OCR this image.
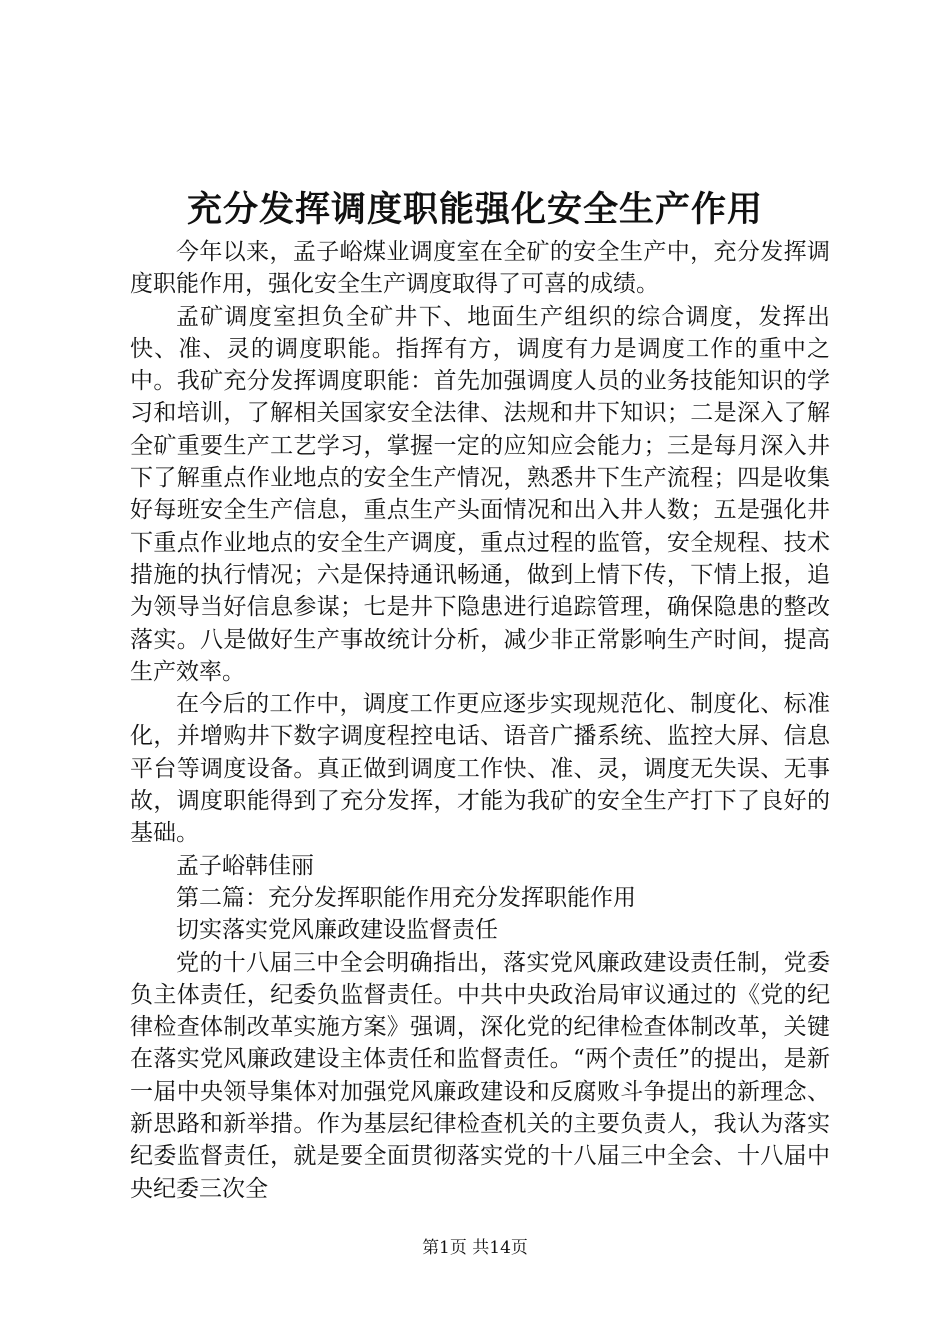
充分发挥调度职能强化安全生产作用

今年以来，孟子峪煤业调度室在全矿的安全生产中，充分发挥调度职能作用，强化安全生产调度取得了可喜的成绩。

孟矿调度室担负全矿井下、地面生产组织的综合调度，发挥出快、准、灵的调度职能。指挥有方，调度有力是调度工作的重中之中。我矿充分发挥调度职能：首先加强调度人员的业务技能知识的学习和培训，了解相关国家安全法律、法规和井下知识；二是深入了解全矿重要生产工艺学习，掌握一定的应知应会能力；三是每月深入井下了解重点作业地点的安全生产情况，熟悉井下生产流程；四是收集好每班安全生产信息，重点生产头面情况和出入井人数；五是强化井下重点作业地点的安全生产调度，重点过程的监管，安全规程、技术措施的执行情况；六是保持通讯畅通，做到上情下传，下情上报，追为领导当好信息参谋；七是井下隐患进行追踪管理，确保隐患的整改落实。八是做好生产事故统计分析，减少非正常影响生产时间，提高生产效率。

在今后的工作中，调度工作更应逐步实现规范化、制度化、标准化，并增购井下数字调度程控电话、语音广播系统、监控大屏、信息平台等调度设备。真正做到调度工作快、准、灵，调度无失误、无事故，调度职能得到了充分发挥，才能为我矿的安全生产打下了良好的基础。

孟子峪韩佳丽

第二篇：充分发挥职能作用充分发挥职能作用

切实落实党风廉政建设监督责任

党的十八届三中全会明确指出，落实党风廉政建设责任制，党委负主体责任，纪委负监督责任。中共中央政治局审议通过的《党的纪律检查体制改革实施方案》强调，深化党的纪律检查体制改革，关键在落实党风廉政建设主体责任和监督责任。“两个责任”的提出，是新一届中央领导集体对加强党风廉政建设和反腐败斗争提出的新理念、新思路和新举措。作为基层纪律检查机关的主要负责人，我认为落实纪委监督责任，就是要全面贯彻落实党的十八届三中全会、十八届中央纪委三次全

第1页 共14页
